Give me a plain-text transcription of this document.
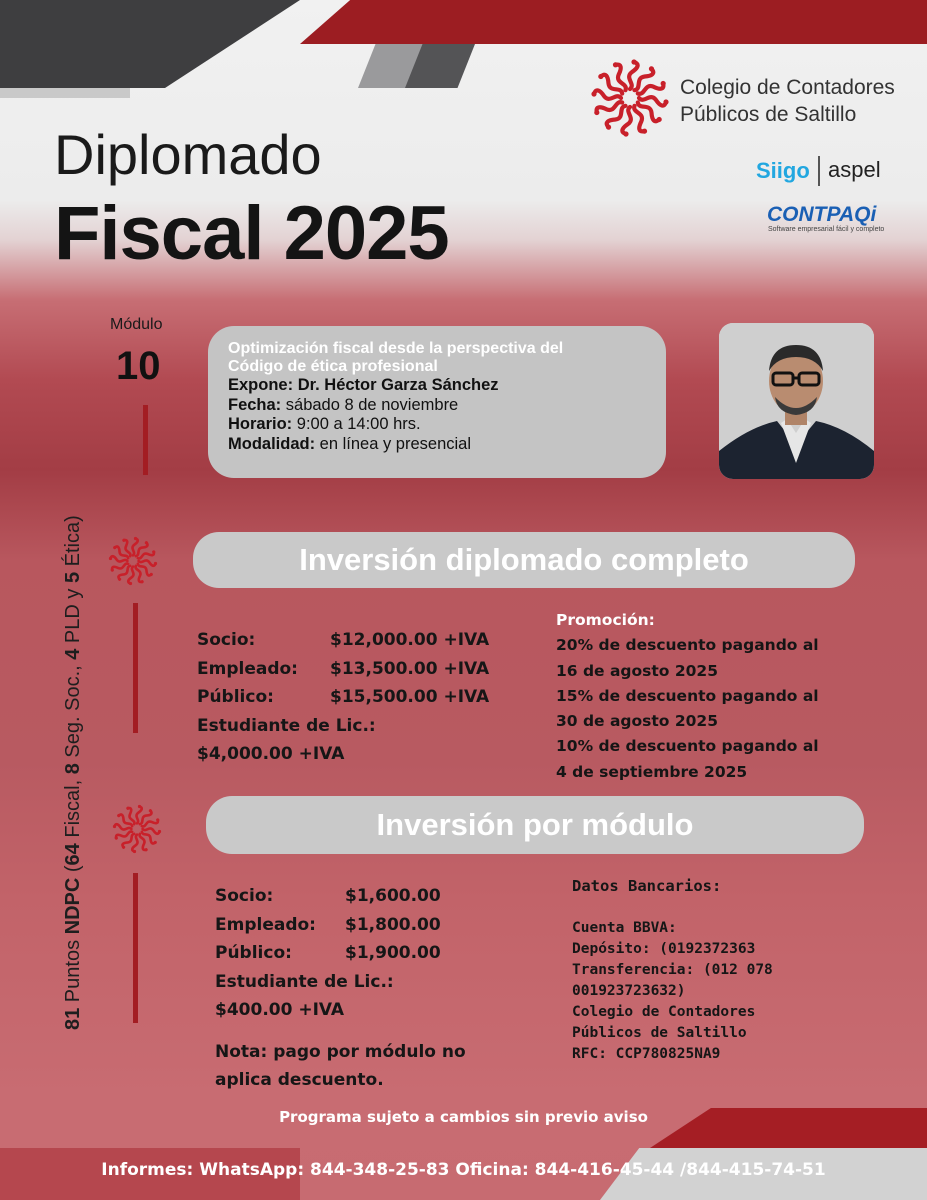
Colegio de Contadores
Públicos de Saltillo
Siigo aspel
CONTPAQi
Software empresarial fácil y completo
Diplomado
Fiscal 2025
81 Puntos NDPC (64 Fiscal, 8 Seg. Soc., 4 PLD y 5 Ética)
Módulo
10	Optimización fiscal desde la perspectiva del
Código de ética profesional
Expone: Dr. Héctor Garza Sánchez
Fecha: sábado 8 de noviembre
Horario: 9:00 a 14:00 hrs.
Modalidad: en línea y presencial
Inversión diplomado completo
Socio:	$12,000.00 +IVA
Empleado:	$13,500.00 +IVA
Público:	$15,500.00 +IVA
Estudiante de Lic.:
$4,000.00 +IVA
Promoción:
20% de descuento pagando al
16 de agosto 2025
15% de descuento pagando al
30 de agosto 2025
10% de descuento pagando al
4 de septiembre 2025
Inversión por módulo
Socio:	$1,600.00
Empleado:	$1,800.00
Público:	$1,900.00
Estudiante de Lic.:
$400.00 +IVA
Nota: pago por módulo no
aplica descuento.
Datos Bancarios:
Cuenta BBVA:
Depósito: (0192372363
Transferencia: (012 078
001923723632)
Colegio de Contadores
Públicos de Saltillo
RFC: CCP780825NA9
Programa sujeto a cambios sin previo aviso
Informes: WhatsApp: 844-348-25-83 Oficina: 844-416-45-44 /844-415-74-51
